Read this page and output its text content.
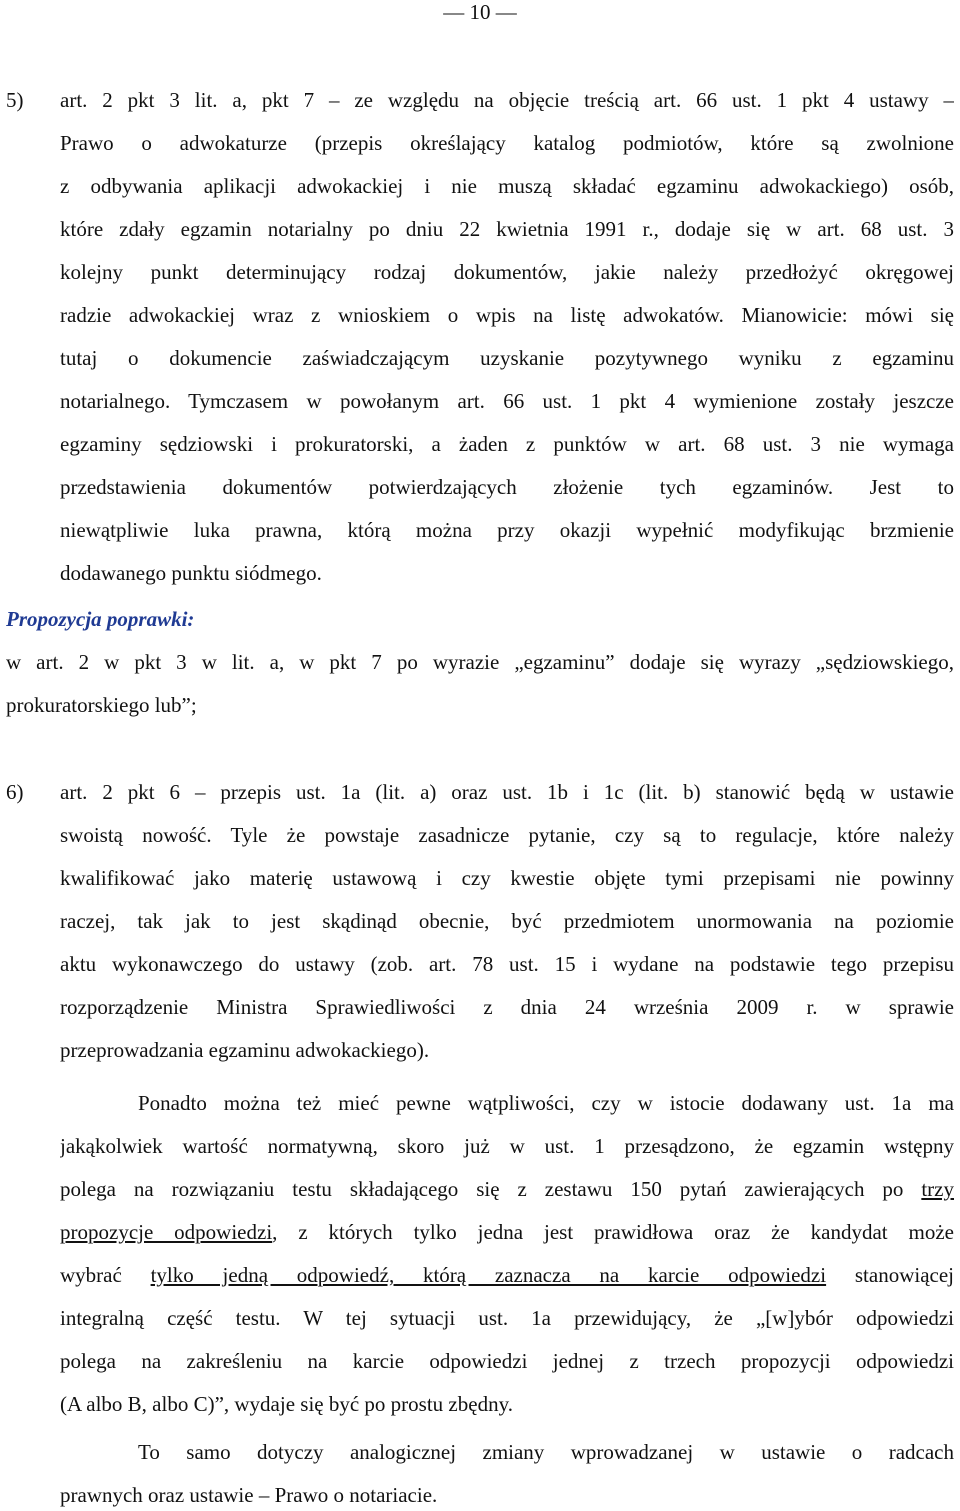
— 10 —
5) art. 2 pkt 3 lit. a, pkt 7 – ze względu na objęcie treścią art. 66 ust. 1 pkt 4 ustawy –
Prawo o adwokaturze (przepis określający katalog podmiotów, które są zwolnione
z odbywania aplikacji adwokackiej i nie muszą składać egzaminu adwokackiego) osób,
które zdały egzamin notarialny po dniu 22 kwietnia 1991 r., dodaje się w art. 68 ust. 3
kolejny punkt determinujący rodzaj dokumentów, jakie należy przedłożyć okręgowej
radzie adwokackiej wraz z wnioskiem o wpis na listę adwokatów. Mianowicie: mówi się
tutaj o dokumencie zaświadczającym uzyskanie pozytywnego wyniku z egzaminu
notarialnego. Tymczasem w powołanym art. 66 ust. 1 pkt 4 wymienione zostały jeszcze
egzaminy sędziowski i prokuratorski, a żaden z punktów w art. 68 ust. 3 nie wymaga
przedstawienia dokumentów potwierdzających złożenie tych egzaminów. Jest to
niewątpliwie luka prawna, którą można przy okazji wypełnić modyfikując brzmienie
dodawanego punktu siódmego.
Propozycja poprawki:
w art. 2 w pkt 3 w lit. a, w pkt 7 po wyrazie „egzaminu” dodaje się wyrazy „sędziowskiego,
prokuratorskiego lub”;
6) art. 2 pkt 6 – przepis ust. 1a (lit. a) oraz ust. 1b i 1c (lit. b) stanowić będą w ustawie
swoistą nowość. Tyle że powstaje zasadnicze pytanie, czy są to regulacje, które należy
kwalifikować jako materię ustawową i czy kwestie objęte tymi przepisami nie powinny
raczej, tak jak to jest skądinąd obecnie, być przedmiotem unormowania na poziomie
aktu wykonawczego do ustawy (zob. art. 78 ust. 15 i wydane na podstawie tego przepisu
rozporządzenie Ministra Sprawiedliwości z dnia 24 września 2009 r. w sprawie
przeprowadzania egzaminu adwokackiego).
Ponadto można też mieć pewne wątpliwości, czy w istocie dodawany ust. 1a ma
jakąkolwiek wartość normatywną, skoro już w ust. 1 przesądzono, że egzamin wstępny
polega na rozwiązaniu testu składającego się z zestawu 150 pytań zawierających po trzy
propozycje odpowiedzi, z których tylko jedna jest prawidłowa oraz że kandydat może
wybrać tylko jedną odpowiedź, którą zaznacza na karcie odpowiedzi stanowiącej
integralną część testu. W tej sytuacji ust. 1a przewidujący, że „[w]ybór odpowiedzi
polega na zakreśleniu na karcie odpowiedzi jednej z trzech propozycji odpowiedzi
(A albo B, albo C)”, wydaje się być po prostu zbędny.
To samo dotyczy analogicznej zmiany wprowadzanej w ustawie o radcach
prawnych oraz ustawie – Prawo o notariacie.
